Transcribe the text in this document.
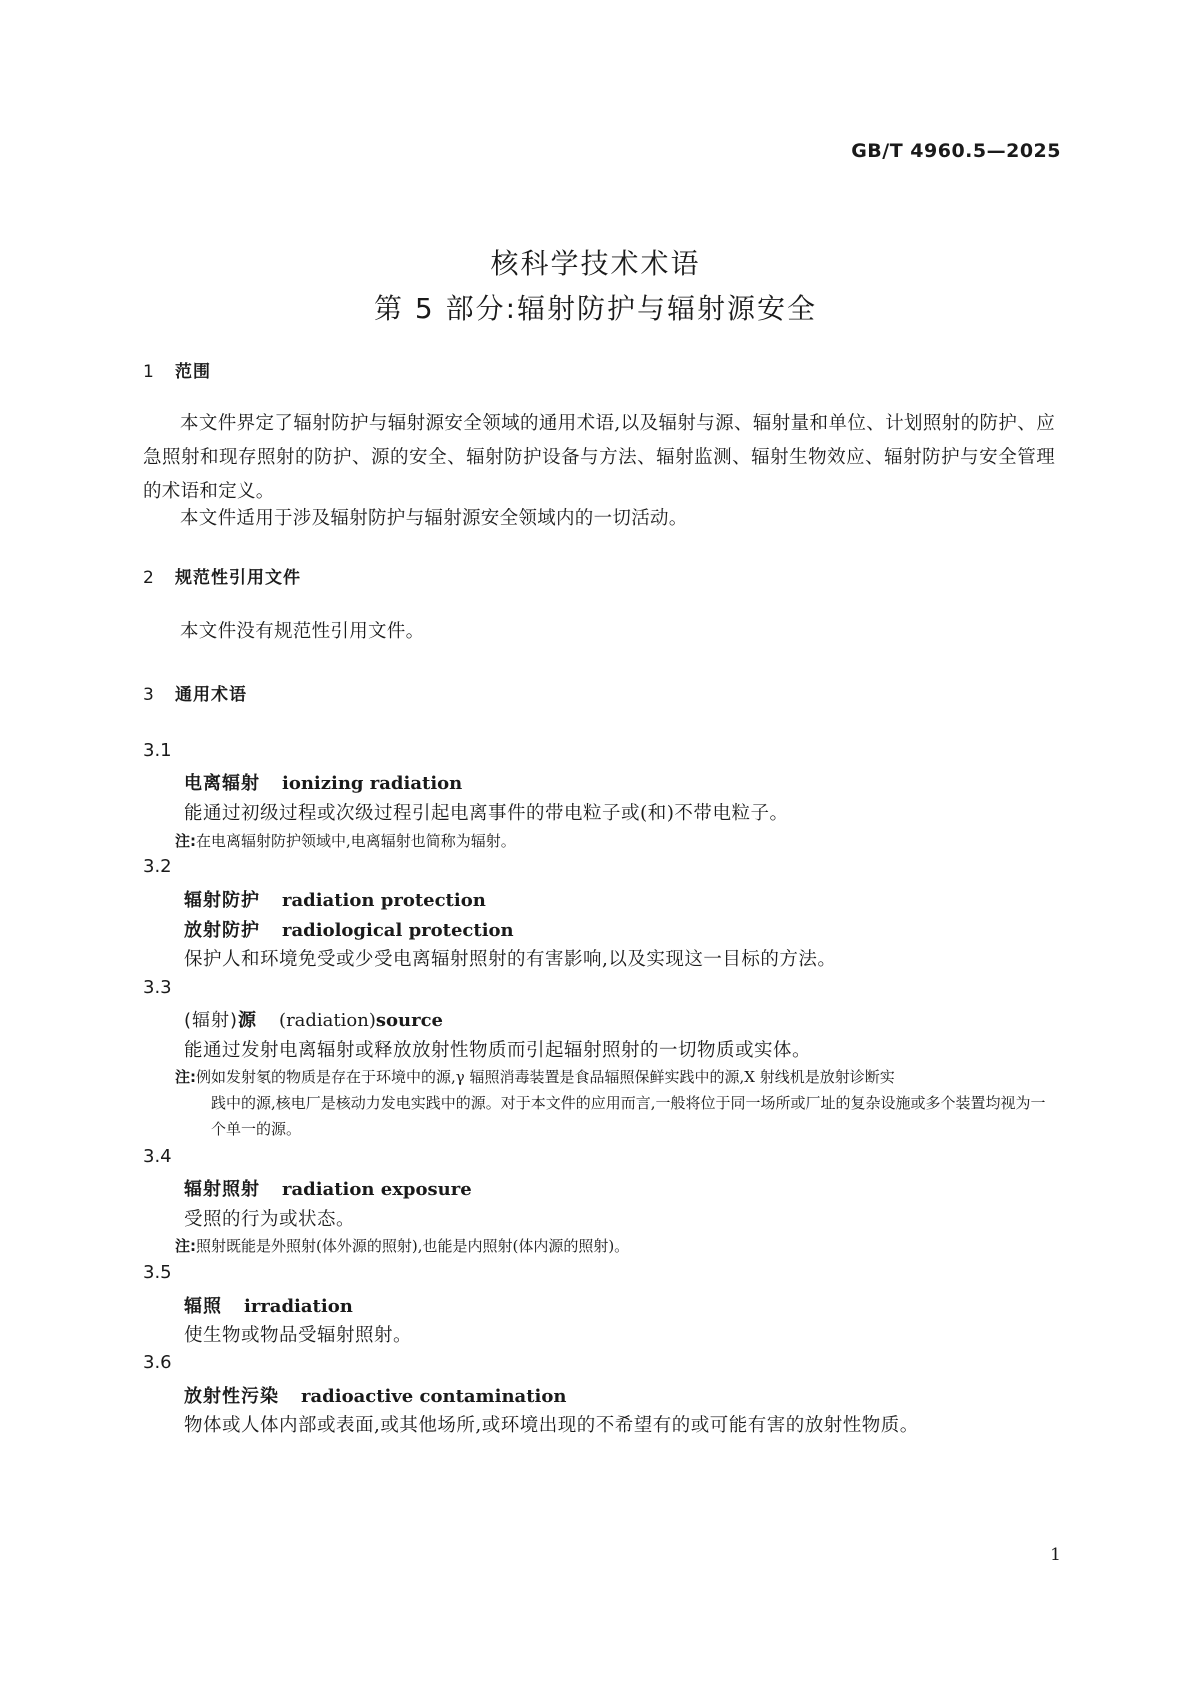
GB/T 4960.5—2025
核科学技术术语
第 5 部分:辐射防护与辐射源安全
1 范围
本文件界定了辐射防护与辐射源安全领域的通用术语,以及辐射与源、辐射量和单位、计划照射的防护、应急照射和现存照射的防护、源的安全、辐射防护设备与方法、辐射监测、辐射生物效应、辐射防护与安全管理的术语和定义。
本文件适用于涉及辐射防护与辐射源安全领域内的一切活动。
2 规范性引用文件
本文件没有规范性引用文件。
3 通用术语
3.1
电离辐射 ionizing radiation
能通过初级过程或次级过程引起电离事件的带电粒子或(和)不带电粒子。
注:在电离辐射防护领域中,电离辐射也简称为辐射。
3.2
辐射防护 radiation protection
放射防护 radiological protection
保护人和环境免受或少受电离辐射照射的有害影响,以及实现这一目标的方法。
3.3
(辐射)源 (radiation)source
能通过发射电离辐射或释放放射性物质而引起辐射照射的一切物质或实体。
注:例如发射氡的物质是存在于环境中的源,γ 辐照消毒装置是食品辐照保鲜实践中的源,X 射线机是放射诊断实
践中的源,核电厂是核动力发电实践中的源。对于本文件的应用而言,一般将位于同一场所或厂址的复杂设施或多个装置均视为一个单一的源。
3.4
辐射照射 radiation exposure
受照的行为或状态。
注:照射既能是外照射(体外源的照射),也能是内照射(体内源的照射)。
3.5
辐照 irradiation
使生物或物品受辐射照射。
3.6
放射性污染 radioactive contamination
物体或人体内部或表面,或其他场所,或环境出现的不希望有的或可能有害的放射性物质。
1
